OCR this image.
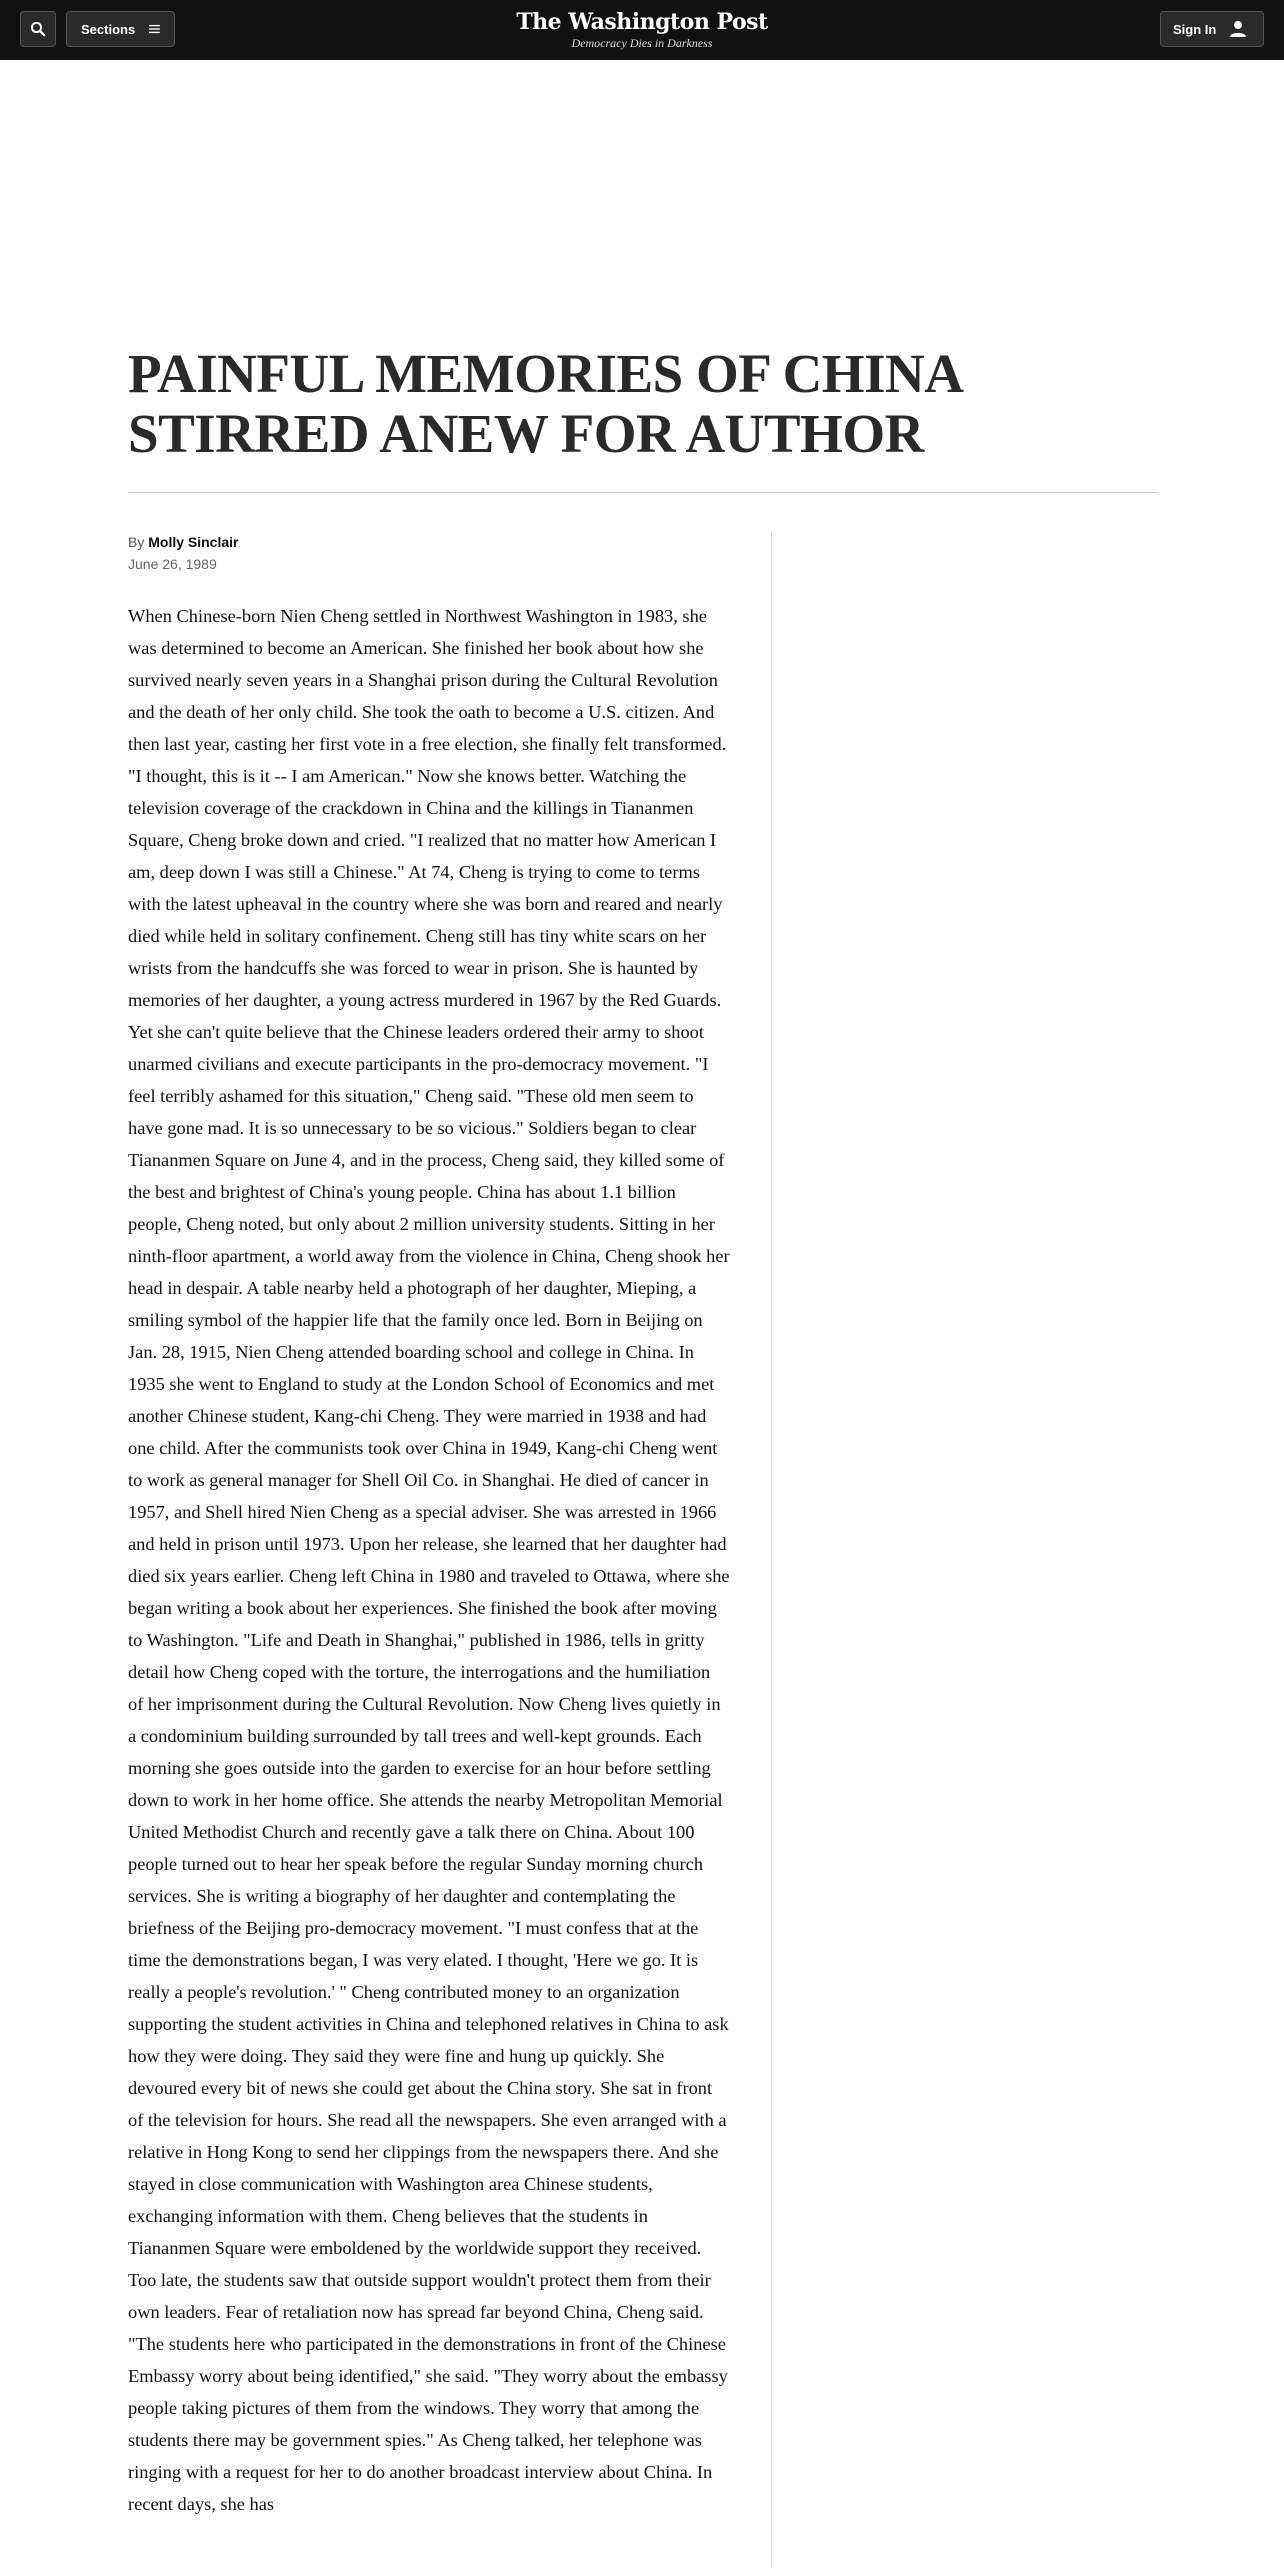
Sections	The Washington Post
Democracy Dies in Darkness
Sign In
PAINFUL MEMORIES OF CHINA STIRRED ANEW FOR AUTHOR
By Molly Sinclair
June 26, 1989

When Chinese-born Nien Cheng settled in Northwest Washington in 1983, she was determined to become an American. She finished her book about how she survived nearly seven years in a Shanghai prison during the Cultural Revolution and the death of her only child. She took the oath to become a U.S. citizen. And then last year, casting her first vote in a free election, she finally felt transformed. "I thought, this is it -- I am American." Now she knows better. Watching the television coverage of the crackdown in China and the killings in Tiananmen Square, Cheng broke down and cried. "I realized that no matter how American I am, deep down I was still a Chinese." At 74, Cheng is trying to come to terms with the latest upheaval in the country where she was born and reared and nearly died while held in solitary confinement. Cheng still has tiny white scars on her wrists from the handcuffs she was forced to wear in prison. She is haunted by memories of her daughter, a young actress murdered in 1967 by the Red Guards. Yet she can't quite believe that the Chinese leaders ordered their army to shoot unarmed civilians and execute participants in the pro-democracy movement. "I feel terribly ashamed for this situation," Cheng said. "These old men seem to have gone mad. It is so unnecessary to be so vicious." Soldiers began to clear Tiananmen Square on June 4, and in the process, Cheng said, they killed some of the best and brightest of China's young people. China has about 1.1 billion people, Cheng noted, but only about 2 million university students. Sitting in her ninth-floor apartment, a world away from the violence in China, Cheng shook her head in despair. A table nearby held a photograph of her daughter, Mieping, a smiling symbol of the happier life that the family once led. Born in Beijing on Jan. 28, 1915, Nien Cheng attended boarding school and college in China. In 1935 she went to England to study at the London School of Economics and met another Chinese student, Kang-chi Cheng. They were married in 1938 and had one child. After the communists took over China in 1949, Kang-chi Cheng went to work as general manager for Shell Oil Co. in Shanghai. He died of cancer in 1957, and Shell hired Nien Cheng as a special adviser. She was arrested in 1966 and held in prison until 1973. Upon her release, she learned that her daughter had died six years earlier. Cheng left China in 1980 and traveled to Ottawa, where she began writing a book about her experiences. She finished the book after moving to Washington. "Life and Death in Shanghai," published in 1986, tells in gritty detail how Cheng coped with the torture, the interrogations and the humiliation of her imprisonment during the Cultural Revolution. Now Cheng lives quietly in a condominium building surrounded by tall trees and well-kept grounds. Each morning she goes outside into the garden to exercise for an hour before settling down to work in her home office. She attends the nearby Metropolitan Memorial United Methodist Church and recently gave a talk there on China. About 100 people turned out to hear her speak before the regular Sunday morning church services. She is writing a biography of her daughter and contemplating the briefness of the Beijing pro-democracy movement. "I must confess that at the time the demonstrations began, I was very elated. I thought, 'Here we go. It is really a people's revolution.' " Cheng contributed money to an organization supporting the student activities in China and telephoned relatives in China to ask how they were doing. They said they were fine and hung up quickly. She devoured every bit of news she could get about the China story. She sat in front of the television for hours. She read all the newspapers. She even arranged with a relative in Hong Kong to send her clippings from the newspapers there. And she stayed in close communication with Washington area Chinese students, exchanging information with them. Cheng believes that the students in Tiananmen Square were emboldened by the worldwide support they received. Too late, the students saw that outside support wouldn't protect them from their own leaders. Fear of retaliation now has spread far beyond China, Cheng said. "The students here who participated in the demonstrations in front of the Chinese Embassy worry about being identified," she said. "They worry about the embassy people taking pictures of them from the windows. They worry that among the students there may be government spies." As Cheng talked, her telephone was ringing with a request for her to do another broadcast interview about China. In recent days, she has
